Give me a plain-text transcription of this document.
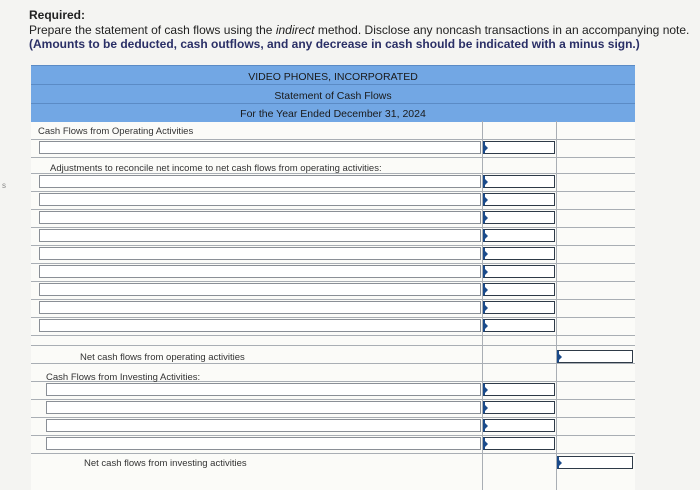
Required:
Prepare the statement of cash flows using the indirect method. Disclose any noncash transactions in an accompanying note.
(Amounts to be deducted, cash outflows, and any decrease in cash should be indicated with a minus sign.)
s
VIDEO PHONES, INCORPORATED
Statement of Cash Flows
For the Year Ended December 31, 2024
Cash Flows from Operating Activities
Adjustments to reconcile net income to net cash flows from operating activities:
Net cash flows from operating activities
Cash Flows from Investing Activities:
Net cash flows from investing activities
